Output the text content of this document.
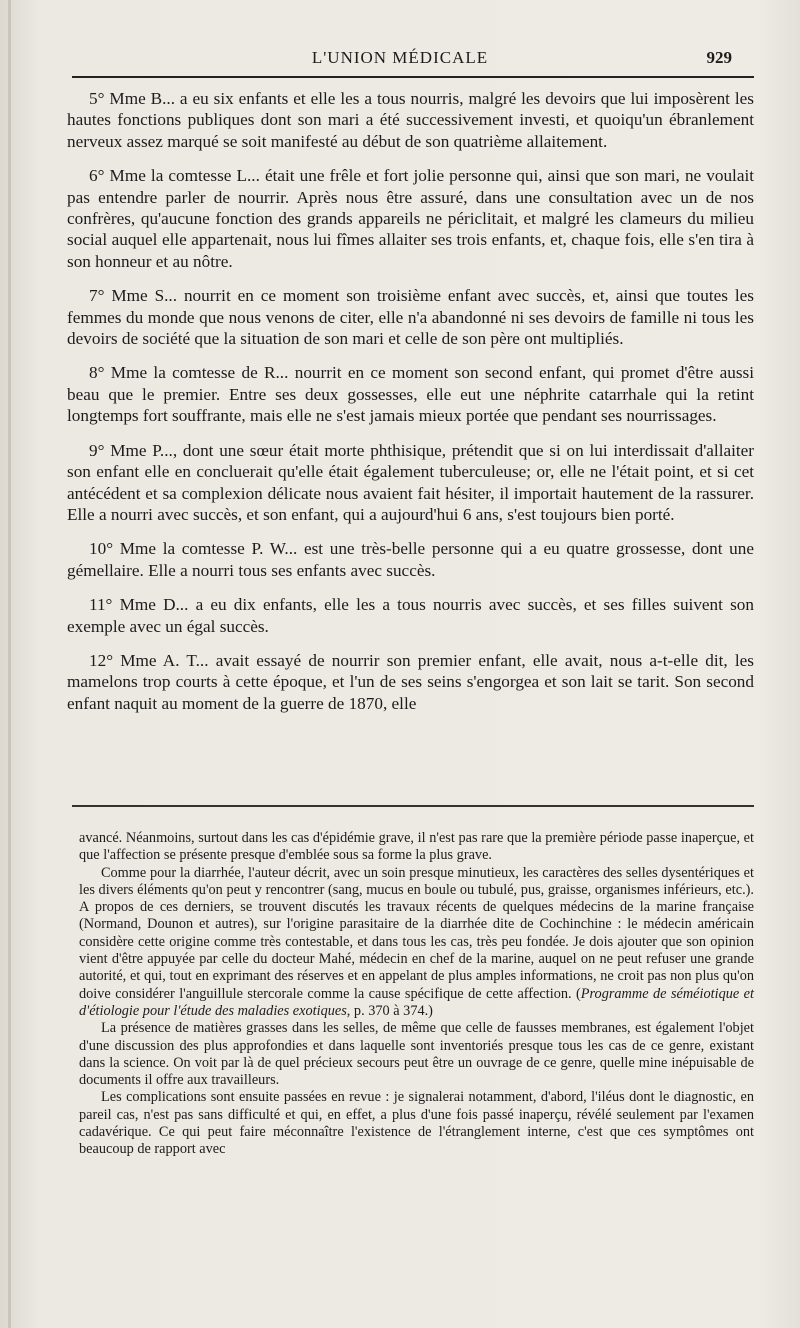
L'UNION MÉDICALE	929

5° Mme B... a eu six enfants et elle les a tous nourris, malgré les devoirs que lui imposèrent les hautes fonctions publiques dont son mari a été successivement investi, et quoiqu'un ébranlement nerveux assez marqué se soit manifesté au début de son quatrième allaitement.

6° Mme la comtesse L... était une frêle et fort jolie personne qui, ainsi que son mari, ne voulait pas entendre parler de nourrir. Après nous être assuré, dans une consultation avec un de nos confrères, qu'aucune fonction des grands appareils ne périclitait, et malgré les clameurs du milieu social auquel elle appartenait, nous lui fîmes allaiter ses trois enfants, et, chaque fois, elle s'en tira à son honneur et au nôtre.

7° Mme S... nourrit en ce moment son troisième enfant avec succès, et, ainsi que toutes les femmes du monde que nous venons de citer, elle n'a abandonné ni ses devoirs de famille ni tous les devoirs de société que la situation de son mari et celle de son père ont multipliés.

8° Mme la comtesse de R... nourrit en ce moment son second enfant, qui promet d'être aussi beau que le premier. Entre ses deux gossesses, elle eut une néphrite catarrhale qui la retint longtemps fort souffrante, mais elle ne s'est jamais mieux portée que pendant ses nourrissages.

9° Mme P..., dont une sœur était morte phthisique, prétendit que si on lui interdissait d'allaiter son enfant elle en concluerait qu'elle était également tuberculeuse; or, elle ne l'était point, et si cet antécédent et sa complexion délicate nous avaient fait hésiter, il importait hautement de la rassurer. Elle a nourri avec succès, et son enfant, qui a aujourd'hui 6 ans, s'est toujours bien porté.

10° Mme la comtesse P. W... est une très-belle personne qui a eu quatre grossesse, dont une gémellaire. Elle a nourri tous ses enfants avec succès.

11° Mme D... a eu dix enfants, elle les a tous nourris avec succès, et ses filles suivent son exemple avec un égal succès.

12° Mme A. T... avait essayé de nourrir son premier enfant, elle avait, nous a-t-elle dit, les mamelons trop courts à cette époque, et l'un de ses seins s'engorgea et son lait se tarit. Son second enfant naquit au moment de la guerre de 1870, elle

avancé. Néanmoins, surtout dans les cas d'épidémie grave, il n'est pas rare que la première période passe inaperçue, et que l'affection se présente presque d'emblée sous sa forme la plus grave.

Comme pour la diarrhée, l'auteur décrit, avec un soin presque minutieux, les caractères des selles dysentériques et les divers éléments qu'on peut y rencontrer (sang, mucus en boule ou tubulé, pus, graisse, organismes inférieurs, etc.). A propos de ces derniers, se trouvent discutés les travaux récents de quelques médecins de la marine française (Normand, Dounon et autres), sur l'origine parasitaire de la diarrhée dite de Cochinchine : le médecin américain considère cette origine comme très contestable, et dans tous les cas, très peu fondée. Je dois ajouter que son opinion vient d'être appuyée par celle du docteur Mahé, médecin en chef de la marine, auquel on ne peut refuser une grande autorité, et qui, tout en exprimant des réserves et en appelant de plus amples informations, ne croit pas non plus qu'on doive considérer l'anguillule stercorale comme la cause spécifique de cette affection. (Programme de séméiotique et d'étiologie pour l'étude des maladies exotiques, p. 370 à 374.)

La présence de matières grasses dans les selles, de même que celle de fausses membranes, est également l'objet d'une discussion des plus approfondies et dans laquelle sont inventoriés presque tous les cas de ce genre, existant dans la science. On voit par là de quel précieux secours peut être un ouvrage de ce genre, quelle mine inépuisable de documents il offre aux travailleurs.

Les complications sont ensuite passées en revue : je signalerai notamment, d'abord, l'iléus dont le diagnostic, en pareil cas, n'est pas sans difficulté et qui, en effet, a plus d'une fois passé inaperçu, révélé seulement par l'examen cadavérique. Ce qui peut faire méconnaître l'existence de l'étranglement interne, c'est que ces symptômes ont beaucoup de rapport avec
